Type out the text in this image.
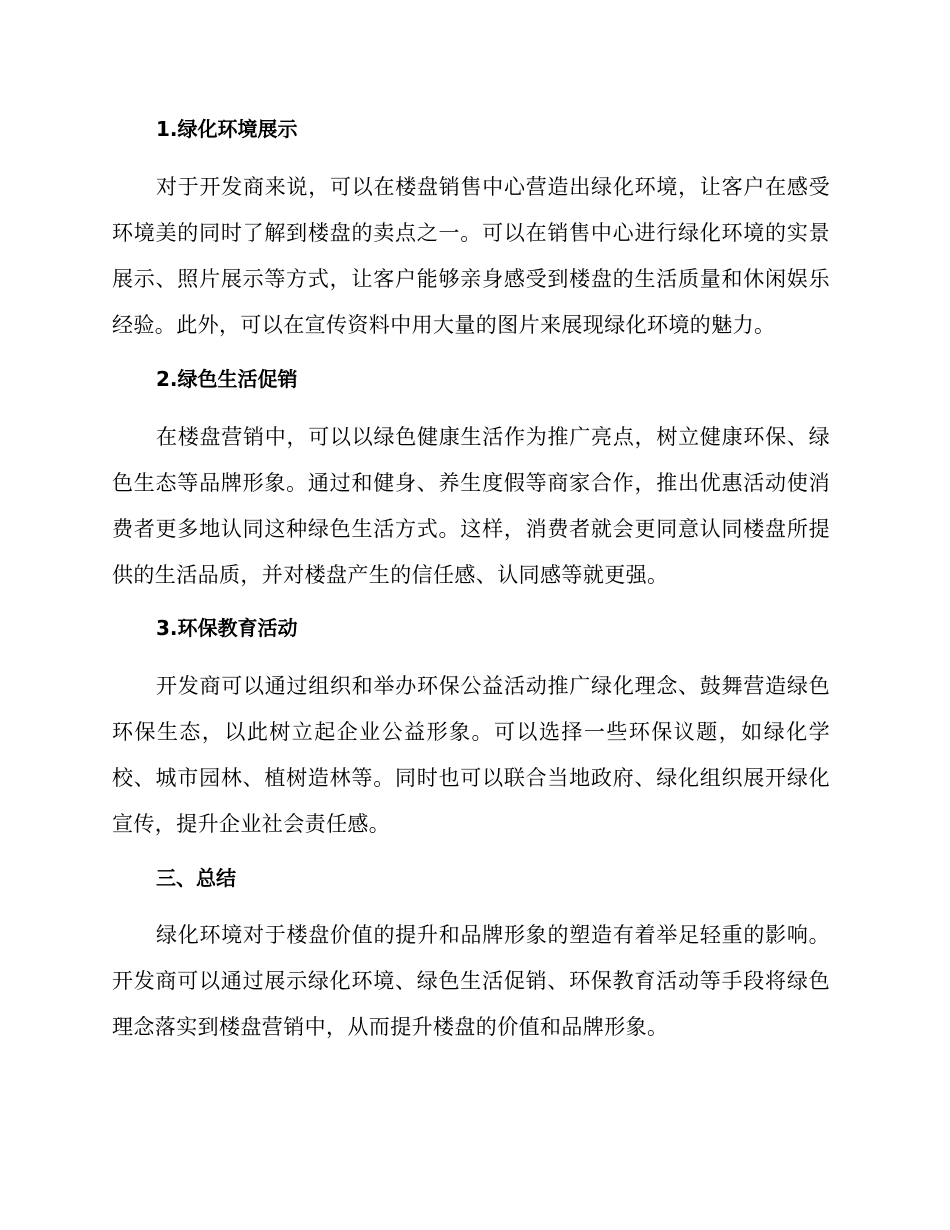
1.绿化环境展示

对于开发商来说，可以在楼盘销售中心营造出绿化环境，让客户在感受环境美的同时了解到楼盘的卖点之一。可以在销售中心进行绿化环境的实景展示、照片展示等方式，让客户能够亲身感受到楼盘的生活质量和休闲娱乐经验。此外，可以在宣传资料中用大量的图片来展现绿化环境的魅力。

2.绿色生活促销

在楼盘营销中，可以以绿色健康生活作为推广亮点，树立健康环保、绿色生态等品牌形象。通过和健身、养生度假等商家合作，推出优惠活动使消费者更多地认同这种绿色生活方式。这样，消费者就会更同意认同楼盘所提供的生活品质，并对楼盘产生的信任感、认同感等就更强。

3.环保教育活动

开发商可以通过组织和举办环保公益活动推广绿化理念、鼓舞营造绿色环保生态，以此树立起企业公益形象。可以选择一些环保议题，如绿化学校、城市园林、植树造林等。同时也可以联合当地政府、绿化组织展开绿化宣传，提升企业社会责任感。

三、总结

绿化环境对于楼盘价值的提升和品牌形象的塑造有着举足轻重的影响。开发商可以通过展示绿化环境、绿色生活促销、环保教育活动等手段将绿色理念落实到楼盘营销中，从而提升楼盘的价值和品牌形象。
